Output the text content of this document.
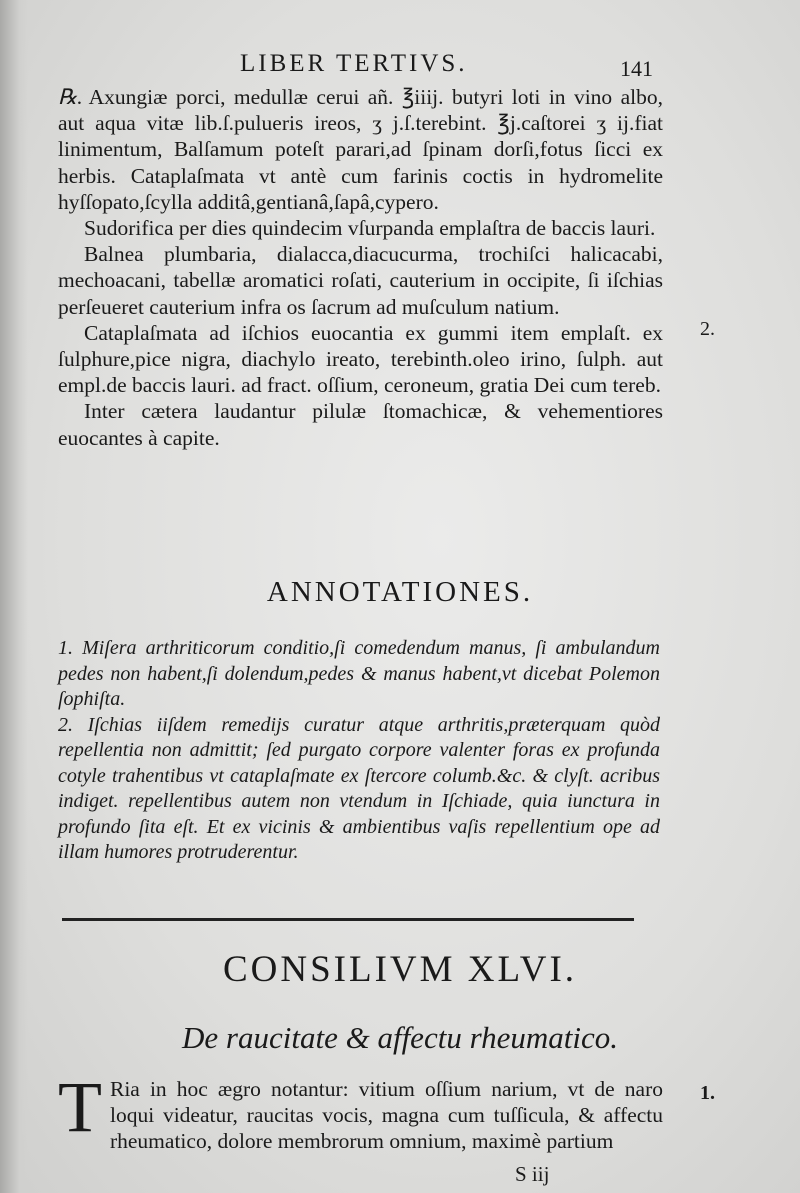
LIBER TERTIVS.	141

℞. Axungiæ porci, medullæ cerui añ. ℥iiij. butyri loti in vino albo, aut aqua vitæ lib.ſ.pulueris ireos, ʒ j.ſ.terebint. ℥j.caſtorei ʒ ij.fiat linimentum, Balſamum poteſt parari,ad ſpinam dorſi,fotus ſicci ex herbis. Cataplaſmata vt antè cum farinis coctis in hydromelite hyſſopato,ſcylla additâ,gentianâ,ſapâ,cypero.

Sudorifica per dies quindecim vſurpanda emplaſtra de baccis lauri.

Balnea plumbaria, dialacca,diacucurma, trochiſci halicacabi, mechoacani, tabellæ aromatici roſati, cauterium in occipite, ſi iſchias perſeueret cauterium infra os ſacrum ad muſculum natium.

Cataplaſmata ad iſchios euocantia ex gummi item emplaſt. ex ſulphure,pice nigra, diachylo ireato, terebinth.oleo irino, ſulph. aut empl.de baccis lauri. ad fract. oſſium, ceroneum, gratia Dei cum tereb.

Inter cætera laudantur pilulæ ſtomachicæ, & vehementiores euocantes à capite.

2.
ANNOTATIONES.

1. Miſera arthriticorum conditio,ſi comedendum manus, ſi ambulandum pedes non habent,ſi dolendum,pedes & manus habent,vt dicebat Polemon ſophiſta.

2. Iſchias iiſdem remedijs curatur atque arthritis,præterquam quòd repellentia non admittit; ſed purgato corpore valenter foras ex profunda cotyle trahentibus vt cataplaſmate ex ſtercore columb.&c. & clyſt. acribus indiget. repellentibus autem non vtendum in Iſchiade, quia iunctura in profundo ſita eſt. Et ex vicinis & ambientibus vaſis repellentium ope ad illam humores protruderentur.

CONSILIVM XLVI.
De raucitate & affectu rheumatico.
T Ria in hoc ægro notantur: vitium oſſium narium, vt de naro loqui videatur, raucitas vocis, magna cum tuſſicula, & affectu rheumatico, dolore membrorum omnium, maximè partium
1.
S iij
